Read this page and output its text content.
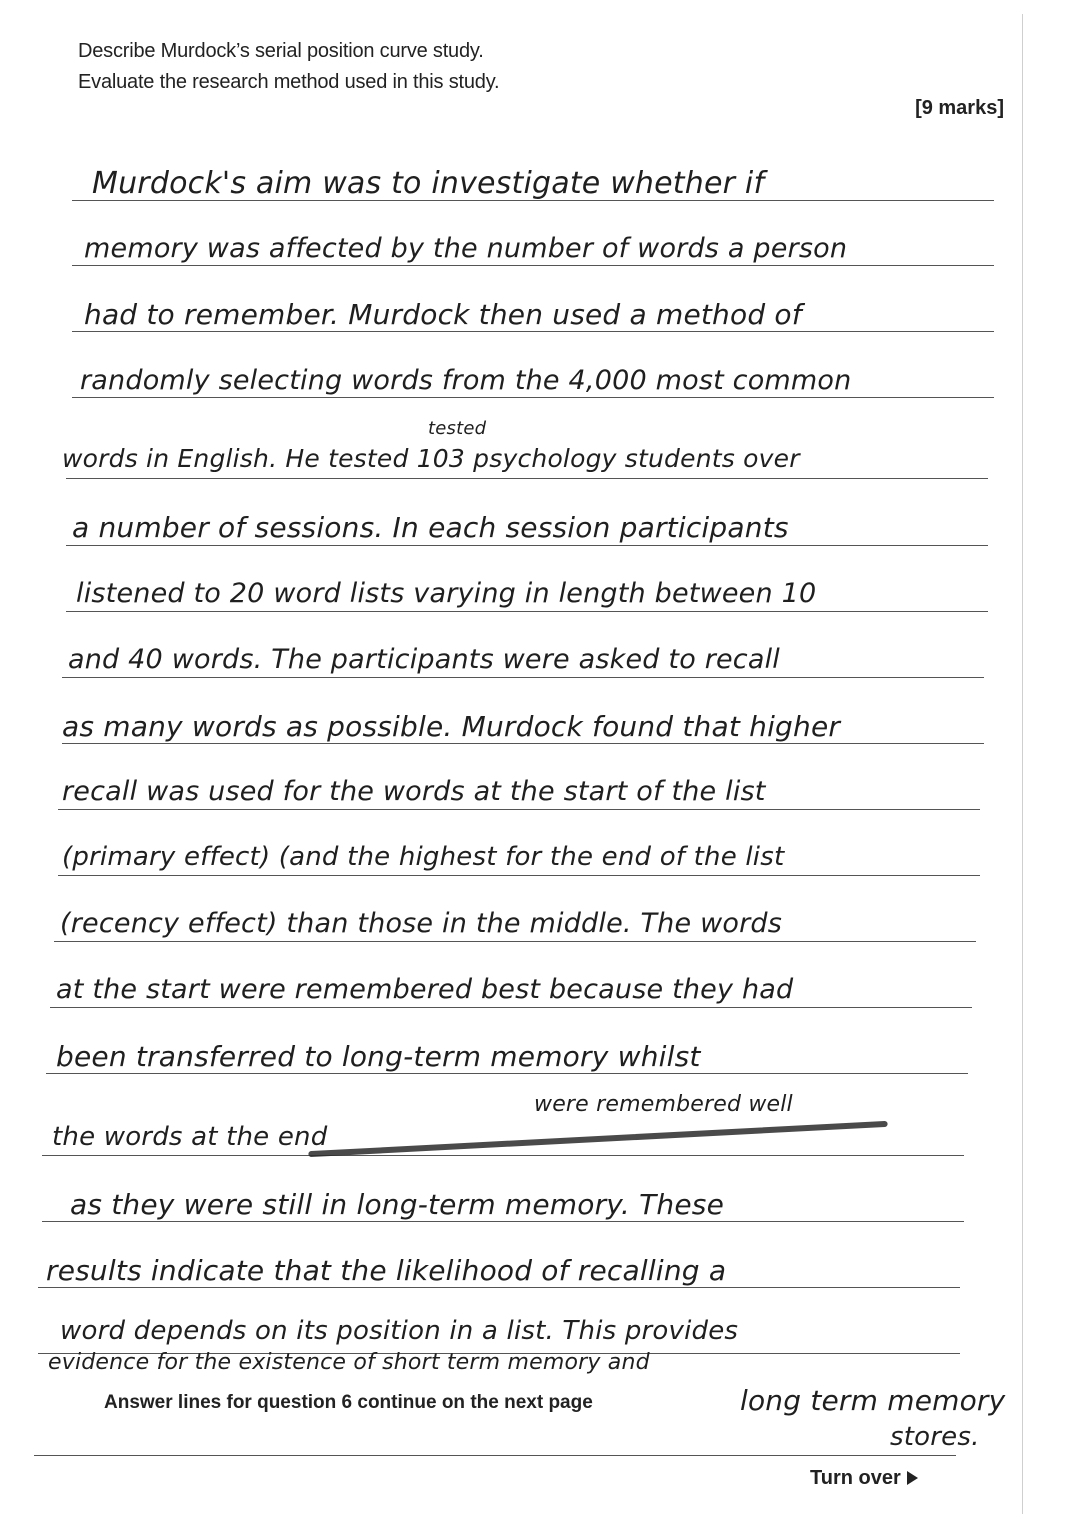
Describe Murdock’s serial position curve study.
Evaluate the research method used in this study.
[9 marks]
Murdock's aim was to investigate whether if
memory was affected by the number of words a person
had to remember. Murdock then used a method of
randomly selecting words from the 4,000 most common
tested
words in English. He tested 103 psychology students over
a number of sessions. In each session participants
listened to 20 word lists varying in length between 10
and 40 words. The participants were asked to recall
as many words as possible. Murdock found that higher
recall was used for the words at the start of the list
(primary effect) (and the highest for the end of the list
(recency effect) than those in the middle. The words
at the start were remembered best because they had
been transferred to long-term memory whilst
were remembered well
the words at the end
as they were still in long-term memory. These
results indicate that the likelihood of recalling a
word depends on its position in a list. This provides
evidence for the existence of short term memory and
long term memory
stores.
Answer lines for question 6 continue on the next page
Turn over
